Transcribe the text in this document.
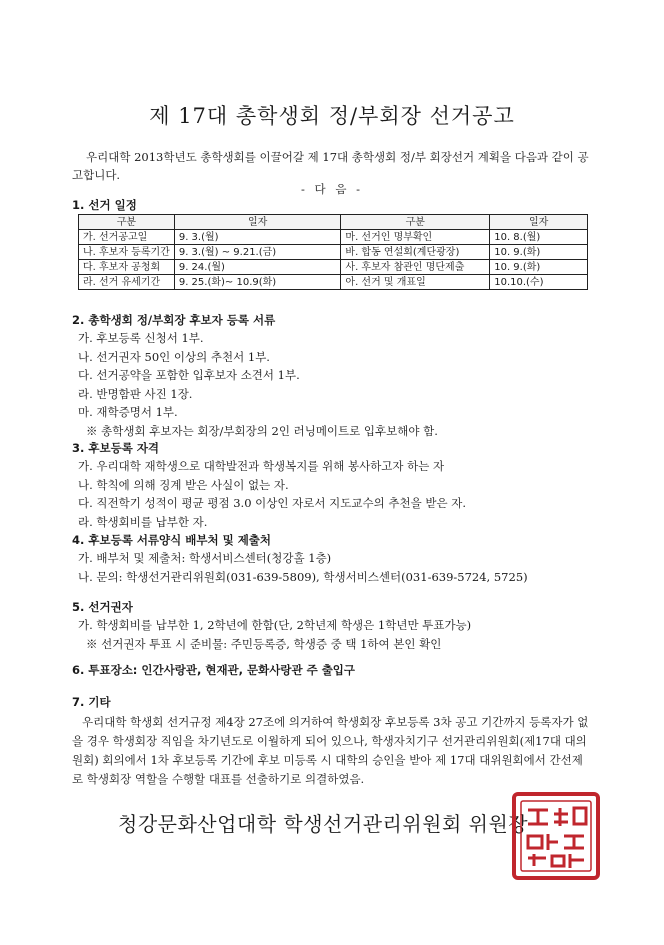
제 17대 총학생회 정/부회장 선거공고

우리대학 2013학년도 총학생회를 이끌어갈 제 17대 총학생회 정/부 회장선거 계획을 다음과 같이 공고합니다.

- 다 음 -
1. 선거 일정
구분	일자	구분	일자
가. 선거공고일	9. 3.(월)	마. 선거인 명부확인	10. 8.(월)
나. 후보자 등록기간	9. 3.(월) ~ 9.21.(금)	바. 합동 연설회(계단광장)	10. 9.(화)
다. 후보자 공청회	9. 24.(월)	사. 후보자 참관인 명단제출	10. 9.(화)
라. 선거 유세기간	9. 25.(화)~ 10.9(화)	아. 선거 및 개표일	10.10.(수)
2. 총학생회 정/부회장 후보자 등록 서류
가. 후보등록 신청서 1부.
나. 선거권자 50인 이상의 추천서 1부.
다. 선거공약을 포함한 입후보자 소견서 1부.
라. 반명함판 사진 1장.
마. 재학증명서 1부.
※ 총학생회 후보자는 회장/부회장의 2인 러닝메이트로 입후보해야 함.
3. 후보등록 자격
가. 우리대학 재학생으로 대학발전과 학생복지를 위해 봉사하고자 하는 자
나. 학칙에 의해 징계 받은 사실이 없는 자.
다. 직전학기 성적이 평균 평점 3.0 이상인 자로서 지도교수의 추천을 받은 자.
라. 학생회비를 납부한 자.
4. 후보등록 서류양식 배부처 및 제출처
가. 배부처 및 제출처: 학생서비스센터(청강홀 1층)
나. 문의: 학생선거관리위원회(031-639-5809), 학생서비스센터(031-639-5724, 5725)
5. 선거권자
가. 학생회비를 납부한 1, 2학년에 한함(단, 2학년제 학생은 1학년만 투표가능)
※ 선거권자 투표 시 준비물: 주민등록증, 학생증 중 택 1하여 본인 확인
6. 투표장소: 인간사랑관, 현재관, 문화사랑관 주 출입구
7. 기타

우리대학 학생회 선거규정 제4장 27조에 의거하여 학생회장 후보등록 3차 공고 기간까지 등록자가 없을 경우 학생회장 직임을 차기년도로 이월하게 되어 있으나, 학생자치기구 선거관리위원회(제17대 대의원회) 회의에서 1차 후보등록 기간에 후보 미등록 시 대학의 승인을 받아 제 17대 대위원회에서 간선제로 학생회장 역할을 수행할 대표를 선출하기로 의결하였음.

청강문화산업대학 학생선거관리위원회 위원장
